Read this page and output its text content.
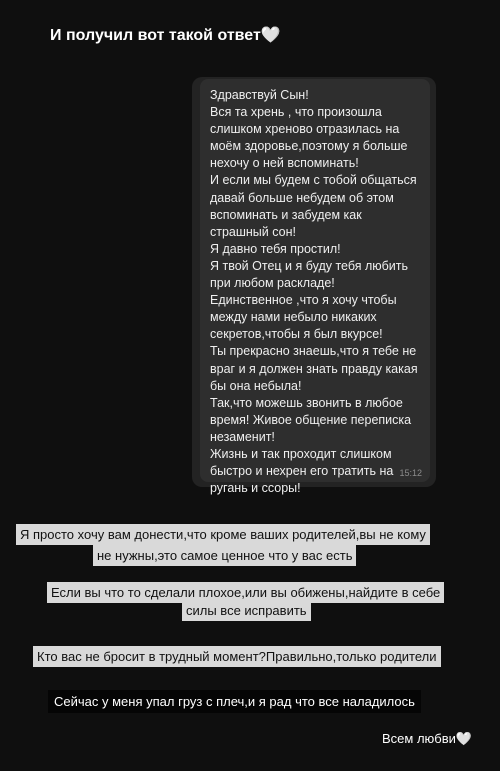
И получил вот такой ответ🤍
Здравствуй Сын!
Вся та хрень , что произошла
слишком хреново отразилась на
моём здоровье,поэтому я больше
нехочу о ней вспоминать!
И если мы будем с тобой общаться
давай больше небудем об этом
вспоминать и забудем как
страшный сон!
Я давно тебя простил!
Я твой Отец и я буду тебя любить
при любом раскладе!
Единственное ,что я хочу чтобы
между нами небыло никаких
секретов,чтобы я был вкурсе!
Ты прекрасно знаешь,что я тебе не
враг и я должен знать правду какая
бы она небыла!
Так,что можешь звонить в любое
время! Живое общение переписка
незаменит!
Жизнь и так проходит слишком
быстро и нехрен его тратить на
ругань и ссоры!
15:12
Я просто хочу вам донести,что кроме ваших родителей,вы не кому
не нужны,это самое ценное что у вас есть
Если вы что то сделали плохое,или вы обижены,найдите в себе
силы все исправить
Кто вас не бросит в трудный момент?Правильно,только родители
Сейчас у меня упал груз с плеч,и я рад что все наладилось
Всем любви🤍
